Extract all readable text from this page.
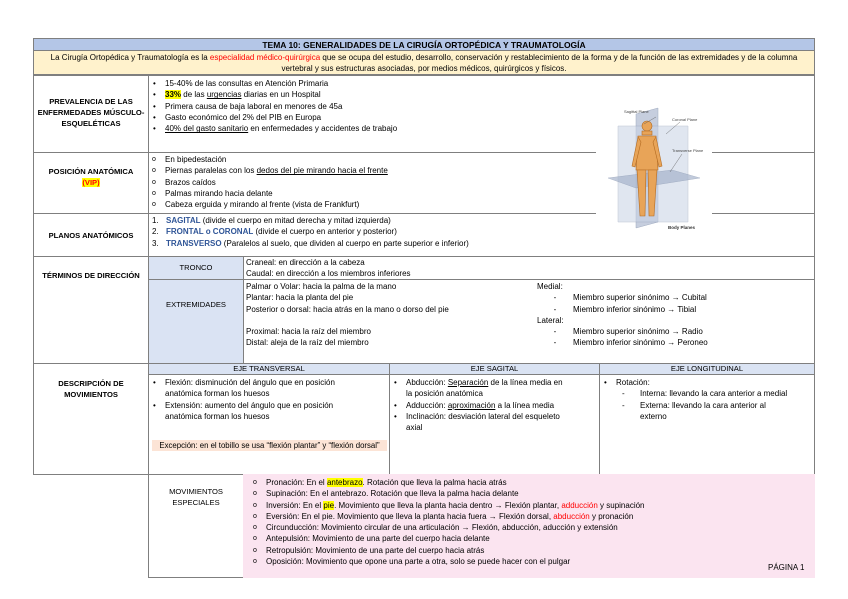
TEMA 10: GENERALIDADES DE LA CIRUGÍA ORTOPÉDICA Y TRAUMATOLOGÍA
La Cirugía Ortopédica y Traumatología es la especialidad médico-quirúrgica que se ocupa del estudio, desarrollo, conservación y restablecimiento de la forma y de la función de las extremidades y de la columna vertebral y sus estructuras asociadas, por medios médicos, quirúrgicos y físicos.
PREVALENCIA DE LAS ENFERMEDADES MÚSCULO-ESQUELÉTICAS
• 15-40% de las consultas en Atención Primaria
• 33% de las urgencias diarias en un Hospital
• Primera causa de baja laboral en menores de 45a
• Gasto económico del 2% del PIB en Europa
• 40% del gasto sanitario en enfermedades y accidentes de trabajo
POSICIÓN ANATÓMICA
(VIP)
o En bipedestación
o Piernas paralelas con los dedos del pie mirando hacia el frente
o Brazos caídos
o Palmas mirando hacia delante
o Cabeza erguida y mirando al frente (vista de Frankfurt)
PLANOS ANATÓMICOS
1. SAGITAL (divide el cuerpo en mitad derecha y mitad izquierda)
2. FRONTAL o CORONAL (divide el cuerpo en anterior y posterior)
3. TRANSVERSO (Paralelos al suelo, que dividen al cuerpo en parte superior e inferior)
Sagittal Plane
Coronal Plane
Transverse Plane
Body Planes
TÉRMINOS DE DIRECCIÓN
TRONCO
Craneal: en dirección a la cabeza
Caudal: en dirección a los miembros inferiores
EXTREMIDADES
Palmar o Volar: hacia la palma de la mano
Plantar: hacia la planta del pie
Posterior o dorsal: hacia atrás en la mano o dorso del pie

Proximal: hacia la raíz del miembro
Distal: aleja de la raíz del miembro
Medial:
- Miembro superior sinónimo → Cubital
- Miembro inferior sinónimo → Tibial
Lateral:
- Miembro superior sinónimo → Radio
- Miembro inferior sinónimo → Peroneo
DESCRIPCIÓN DE MOVIMIENTOS
EJE TRANSVERSAL	EJE SAGITAL	EJE LONGITUDINAL
• Flexión: disminución del ángulo que en posición
anatómica forman los huesos
• Extensión: aumento del ángulo que en posición
anatómica forman los huesos
Excepción: en el tobillo se usa “flexión plantar” y “flexión dorsal”
• Abducción: Separación de la línea media en
la posición anatómica
• Adducción: aproximación a la línea media
• Inclinación: desviación lateral del esqueleto
axial
• Rotación:
- Interna: llevando la cara anterior a medial
- Externa: llevando la cara anterior al
externo
MOVIMIENTOS ESPECIALES
o Pronación: En el antebrazo. Rotación que lleva la palma hacia atrás
o Supinación: En el antebrazo. Rotación que lleva la palma hacia delante
o Inversión: En el pie. Movimiento que lleva la planta hacia dentro → Flexión plantar, adducción y supinación
o Eversión: En el pie. Movimiento que lleva la planta hacia fuera → Flexión dorsal, abducción y pronación
o Circunducción: Movimiento circular de una articulación → Flexión, abducción, aducción y extensión
o Antepulsión: Movimiento de una parte del cuerpo hacia delante
o Retropulsión: Movimiento de una parte del cuerpo hacia atrás
o Oposición: Movimiento que opone una parte a otra, solo se puede hacer con el pulgar
PÁGINA 1
